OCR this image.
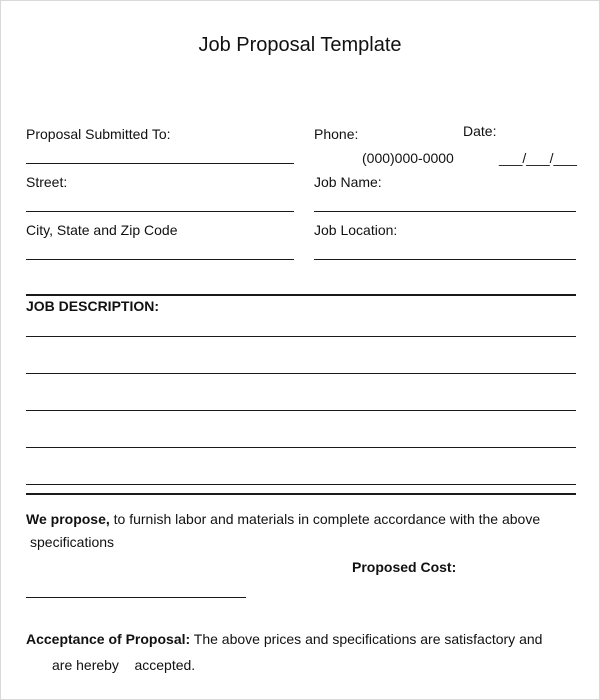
Job Proposal Template
Proposal Submitted To:	Phone:
(000)000-0000
Date:
___/___/___
Street:	Job Name:
City, State and Zip Code	Job Location:
JOB DESCRIPTION:
We propose, to furnish labor and materials in complete accordance with the above
specifications
Proposed Cost:
Acceptance of Proposal: The above prices and specifications are satisfactory and
are hereby    accepted.
